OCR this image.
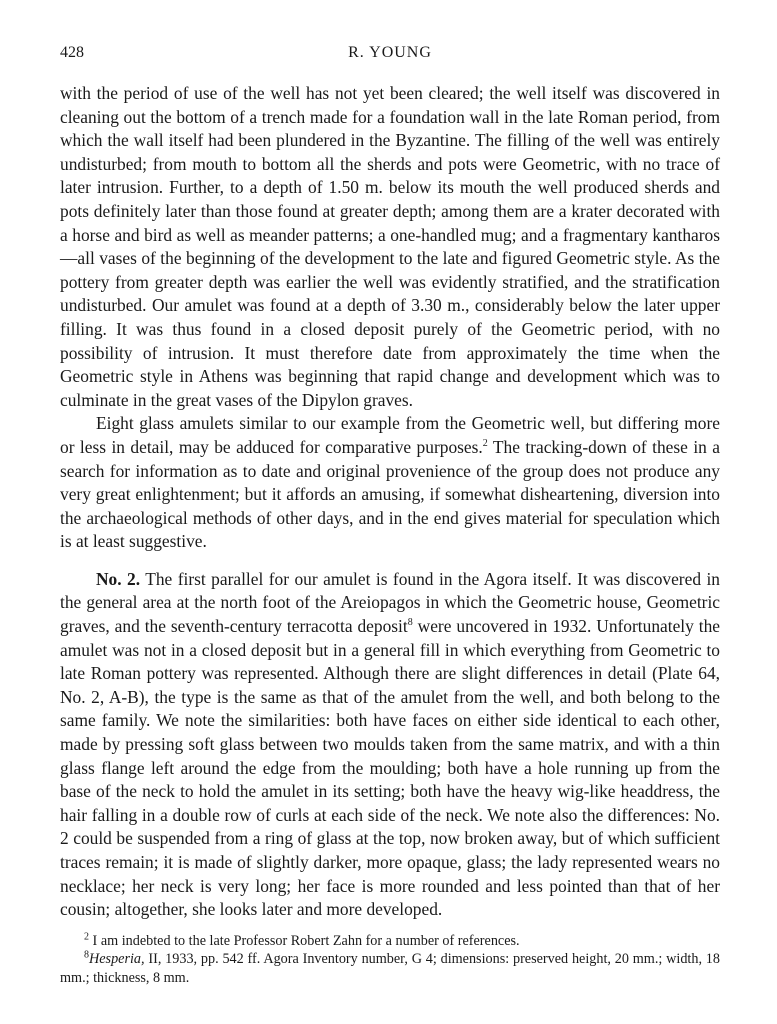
428	R. YOUNG

with the period of use of the well has not yet been cleared; the well itself was discovered in cleaning out the bottom of a trench made for a foundation wall in the late Roman period, from which the wall itself had been plundered in the Byzantine. The filling of the well was entirely undisturbed; from mouth to bottom all the sherds and pots were Geometric, with no trace of later intrusion. Further, to a depth of 1.50 m. below its mouth the well produced sherds and pots definitely later than those found at greater depth; among them are a krater decorated with a horse and bird as well as meander patterns; a one-handled mug; and a fragmentary kantharos—all vases of the beginning of the development to the late and figured Geometric style. As the pottery from greater depth was earlier the well was evidently stratified, and the stratification undisturbed. Our amulet was found at a depth of 3.30 m., considerably below the later upper filling. It was thus found in a closed deposit purely of the Geometric period, with no possibility of intrusion. It must therefore date from approximately the time when the Geometric style in Athens was beginning that rapid change and development which was to culminate in the great vases of the Dipylon graves.

Eight glass amulets similar to our example from the Geometric well, but differing more or less in detail, may be adduced for comparative purposes.$^2$ The tracking-down of these in a search for information as to date and original provenience of the group does not produce any very great enlightenment; but it affords an amusing, if somewhat disheartening, diversion into the archaeological methods of other days, and in the end gives material for speculation which is at least suggestive.

No. 2. The first parallel for our amulet is found in the Agora itself. It was discovered in the general area at the north foot of the Areiopagos in which the Geometric house, Geometric graves, and the seventh-century terracotta deposit$^8$ were uncovered in 1932. Unfortunately the amulet was not in a closed deposit but in a general fill in which everything from Geometric to late Roman pottery was represented. Although there are slight differences in detail (Plate 64, No. 2, A-B), the type is the same as that of the amulet from the well, and both belong to the same family. We note the similarities: both have faces on either side identical to each other, made by pressing soft glass between two moulds taken from the same matrix, and with a thin glass flange left around the edge from the moulding; both have a hole running up from the base of the neck to hold the amulet in its setting; both have the heavy wig-like headdress, the hair falling in a double row of curls at each side of the neck. We note also the differences: No. 2 could be suspended from a ring of glass at the top, now broken away, but of which sufficient traces remain; it is made of slightly darker, more opaque, glass; the lady represented wears no necklace; her neck is very long; her face is more rounded and less pointed than that of her cousin; altogether, she looks later and more developed.

$^2$ I am indebted to the late Professor Robert Zahn for a number of references.

$^8$Hesperia, II, 1933, pp. 542 ff. Agora Inventory number, G 4; dimensions: preserved height, 20 mm.; width, 18 mm.; thickness, 8 mm.
